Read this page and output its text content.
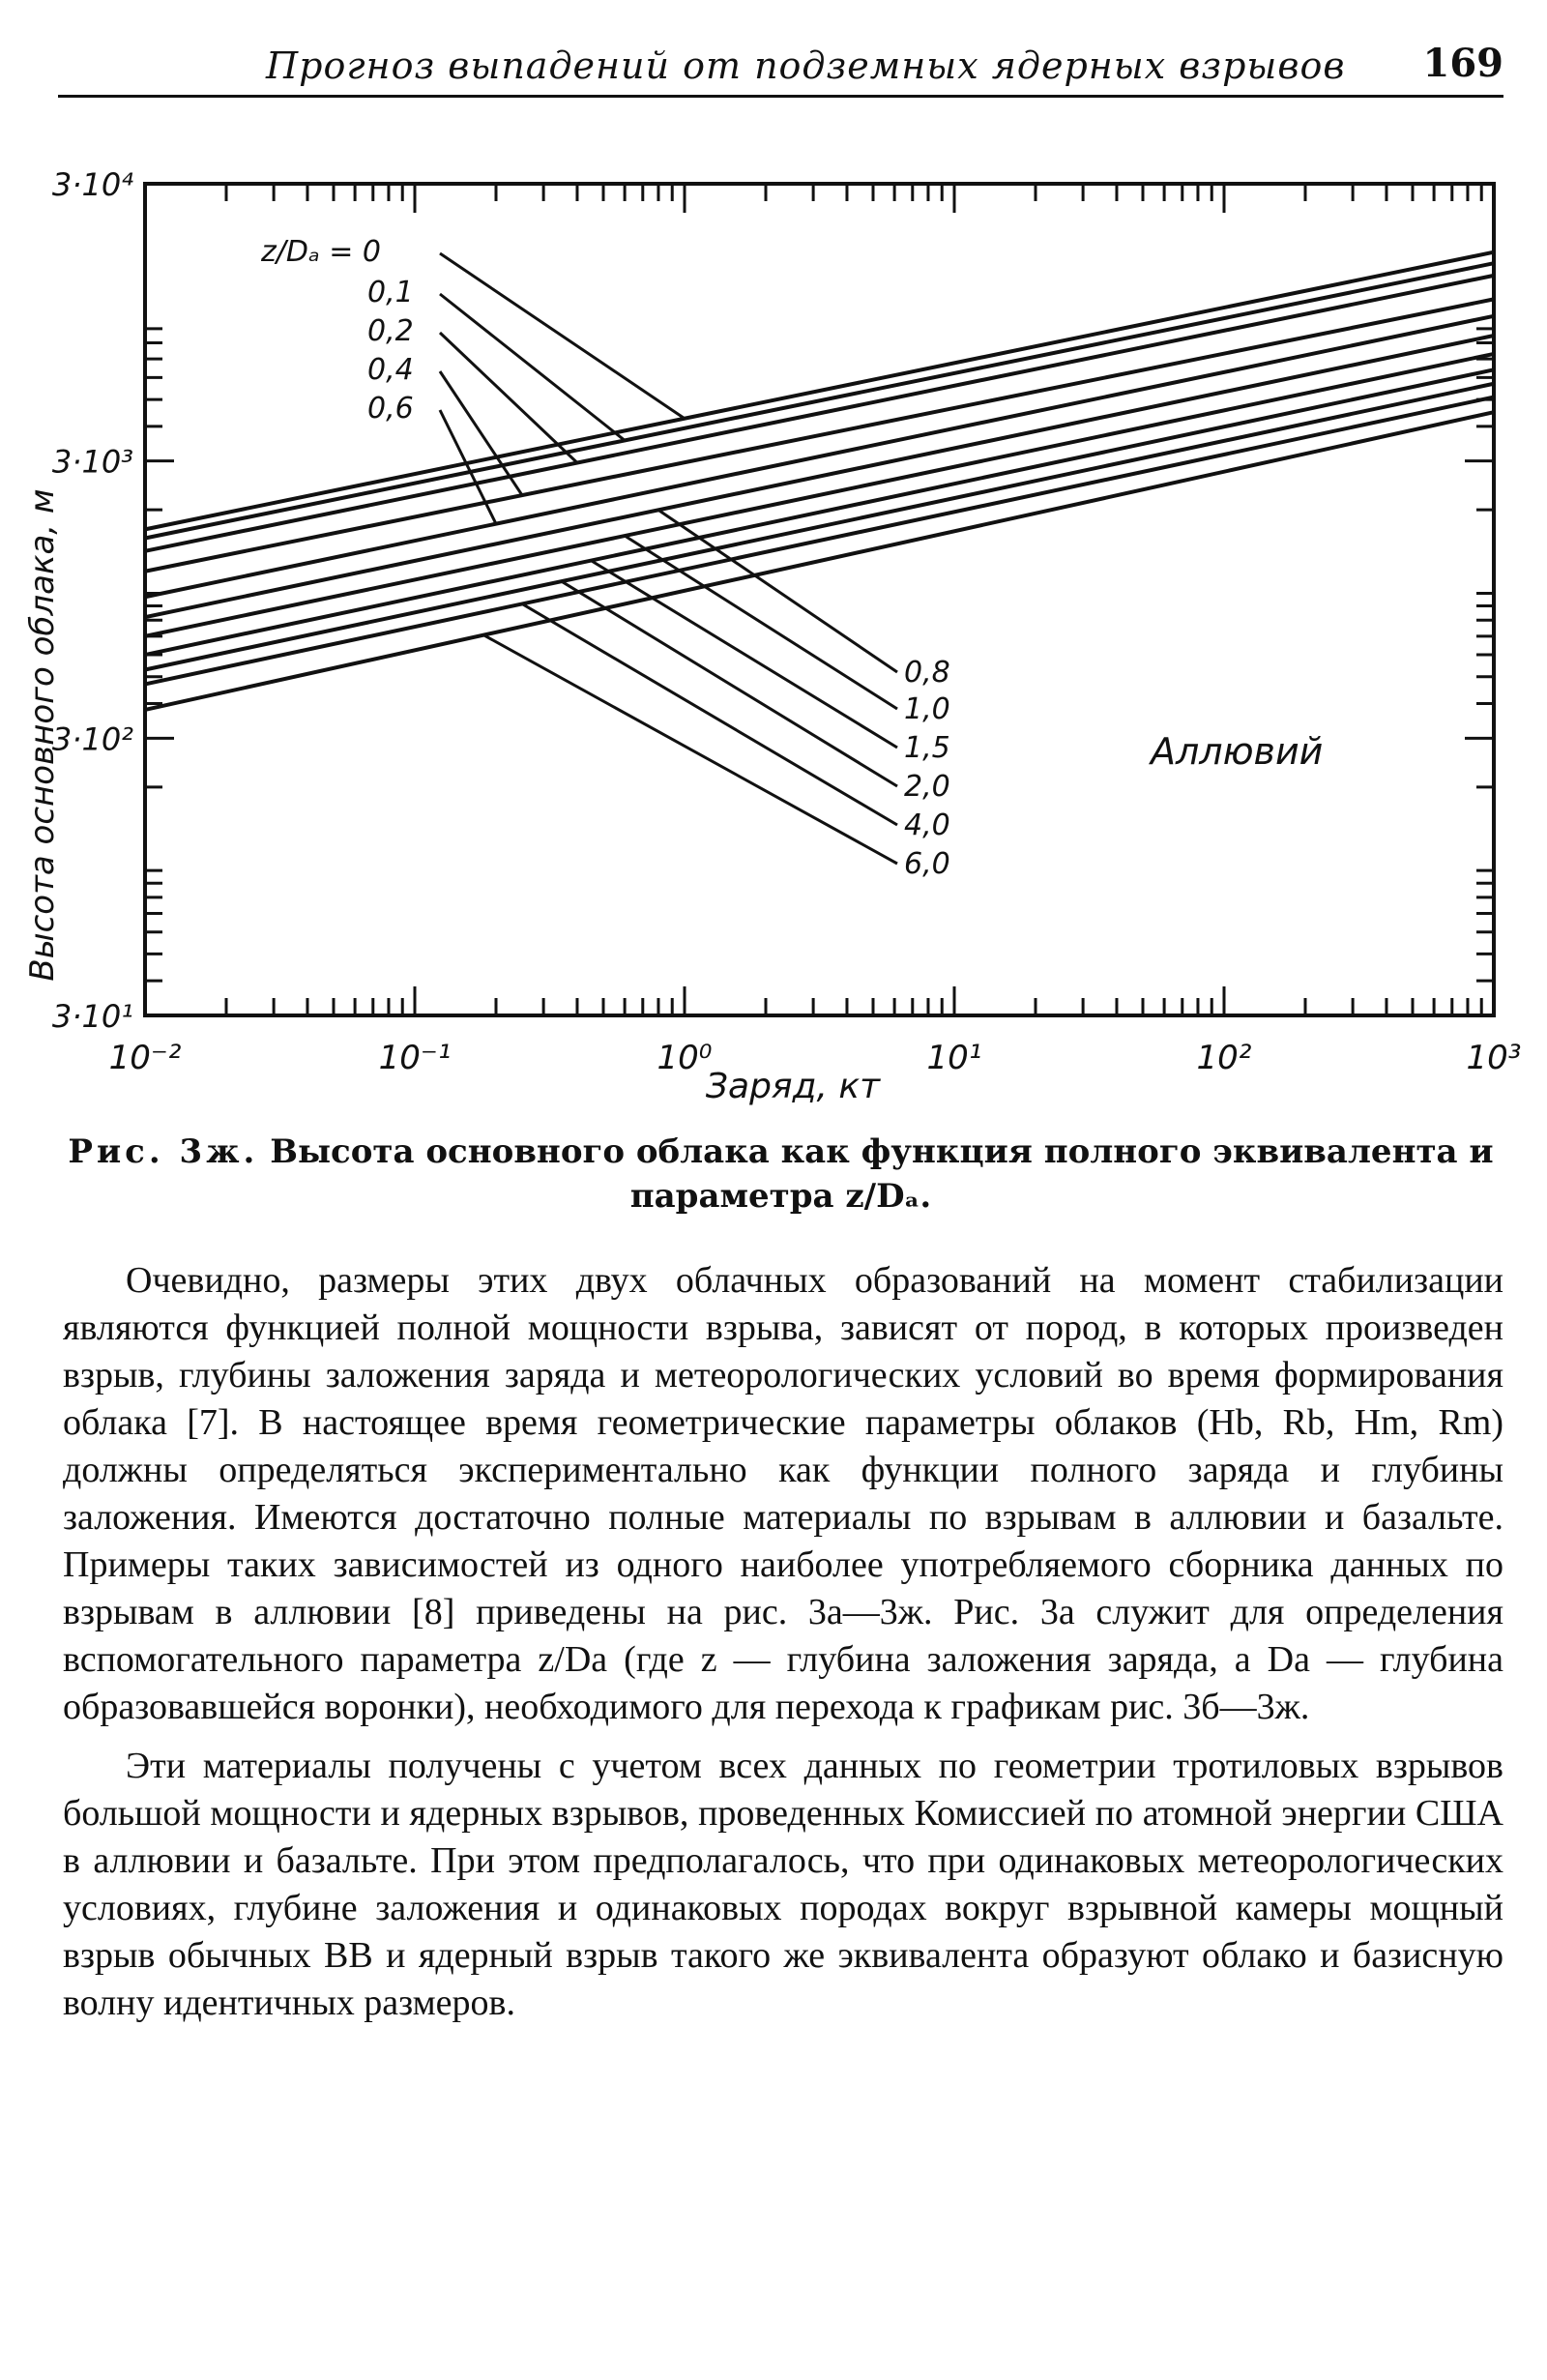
Прогноз выпадений от подземных ядерных взрывов 169
z/Dₐ = 0
0,1
0,2
0,4
0,6
0,8
1,0
1,5
2,0
4,0
6,0
10⁻²	10⁻¹	10⁰	10¹	10²	10³
3·10¹
3·10²
3·10³
3·10⁴
Высота основного облака, м
Заряд, кт
Аллювий
Рис. 3ж. Высота основного облака как функция полного эквивалента и параметра z/Dₐ.

Очевидно, размеры этих двух облачных образований на момент стабилизации являются функцией полной мощности взрыва, зависят от пород, в которых произведен взрыв, глубины заложения заряда и метеорологических условий во время формирования облака [7]. В настоящее время геометрические параметры облаков (Hb, Rb, Hm, Rm) должны определяться экспериментально как функции полного заряда и глубины заложения. Имеются достаточно полные материалы по взрывам в аллювии и базальте. Примеры таких зависимостей из одного наиболее употребляемого сборника данных по взрывам в аллювии [8] приведены на рис. 3а—3ж. Рис. 3а служит для определения вспомогательного параметра z/Da (где z — глубина заложения заряда, a Da — глубина образовавшейся воронки), необходимого для перехода к графикам рис. 3б—3ж.

Эти материалы получены с учетом всех данных по геометрии тротиловых взрывов большой мощности и ядерных взрывов, проведенных Комиссией по атомной энергии США в аллювии и базальте. При этом предполагалось, что при одинаковых метеорологических условиях, глубине заложения и одинаковых породах вокруг взрывной камеры мощный взрыв обычных ВВ и ядерный взрыв такого же эквивалента образуют облако и базисную волну идентичных размеров.
